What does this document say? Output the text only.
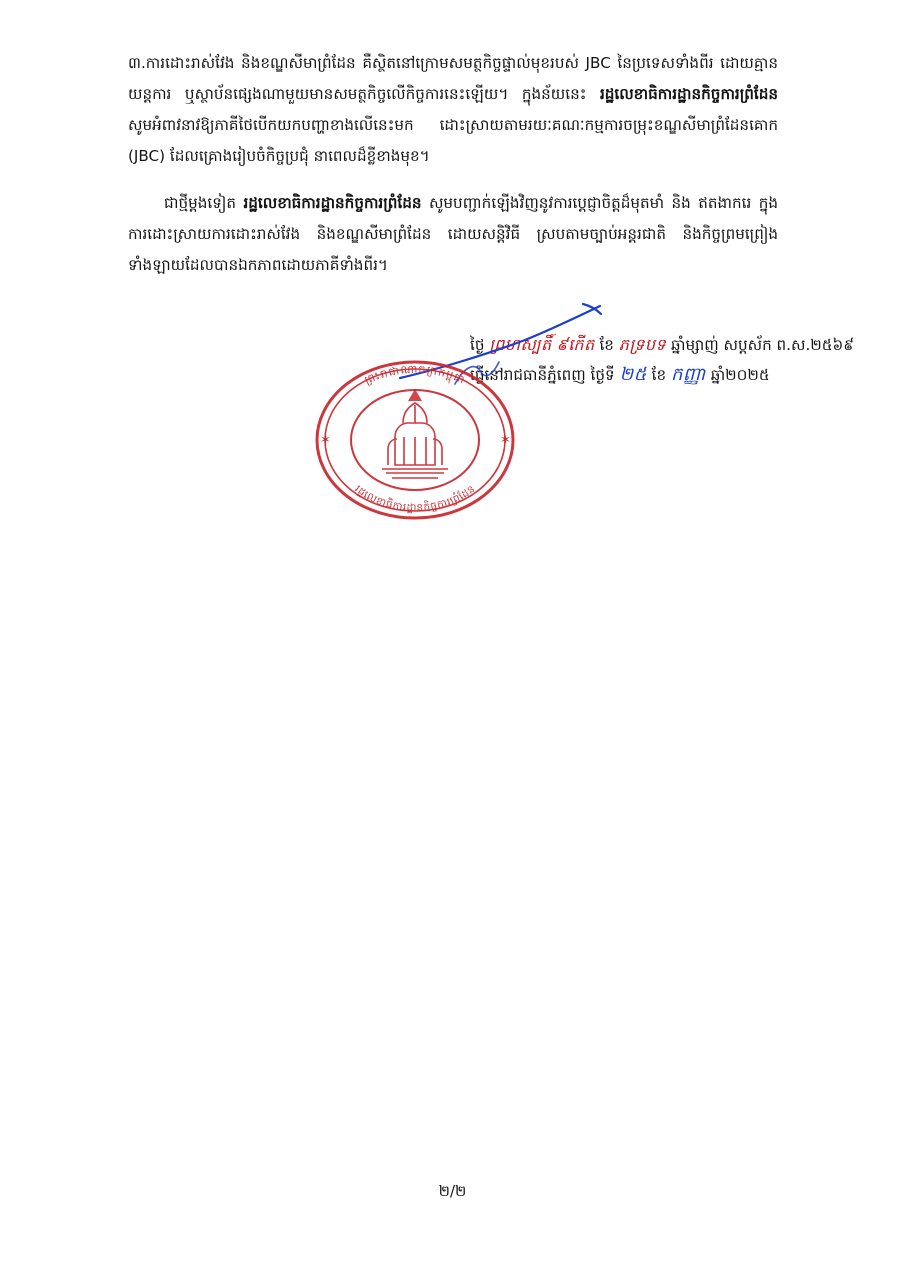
៣.ការដោះរាស់វែង និងខណ្ឌសីមាព្រំដែន គឺស្ថិតនៅក្រោមសមត្ថកិច្ចផ្ទាល់មុខរបស់ JBC នៃប្រទេសទាំងពីរ ដោយគ្មានយន្តការ ឬស្ថាប័នផ្សេងណាមួយមានសមត្ថកិច្ចលើកិច្ចការនេះឡើយ។ ក្នុងន័យនេះ រដ្ឋលេខាធិការដ្ឋានកិច្ចការព្រំដែន សូមអំពាវនាវឱ្យភាគីថៃបើកយកបញ្ហាខាងលើនេះមក ដោះស្រាយតាមរយៈគណៈកម្មការចម្រុះខណ្ឌសីមាព្រំដែនគោក (JBC) ដែលគ្រោងរៀបចំកិច្ចប្រជុំ នាពេលដ៏ខ្លីខាងមុខ។

ជាថ្មីម្ដងទៀត រដ្ឋលេខាធិការដ្ឋានកិច្ចការព្រំដែន សូមបញ្ជាក់ឡើងវិញនូវការប្ដេជ្ញាចិត្តដ៏មុតមាំ និង ឥតងាករេ ក្នុងការដោះស្រាយការដោះរាស់វែង និងខណ្ឌសីមាព្រំដែន ដោយសន្តិវិធី ស្របតាមច្បាប់អន្តរជាតិ និងកិច្ចព្រមព្រៀងទាំងឡាយដែលបានឯកភាពដោយភាគីទាំងពីរ។

ថ្ងៃ ព្រហស្បតិ៍ ៩កើត ខែ ភទ្របទ ឆ្នាំម្សាញ់ សប្ដស័ក ព.ស.២៥៦៩
ធ្វើនៅរាជធានីភ្នំពេញ ថ្ងៃទី ២៥ ខែ កញ្ញា ឆ្នាំ២០២៥
ព្រះរាជាណាចក្រកម្ពុជា
រដ្ឋលេខាធិការដ្ឋានកិច្ចការព្រំដែន
✶	✶
២/២
